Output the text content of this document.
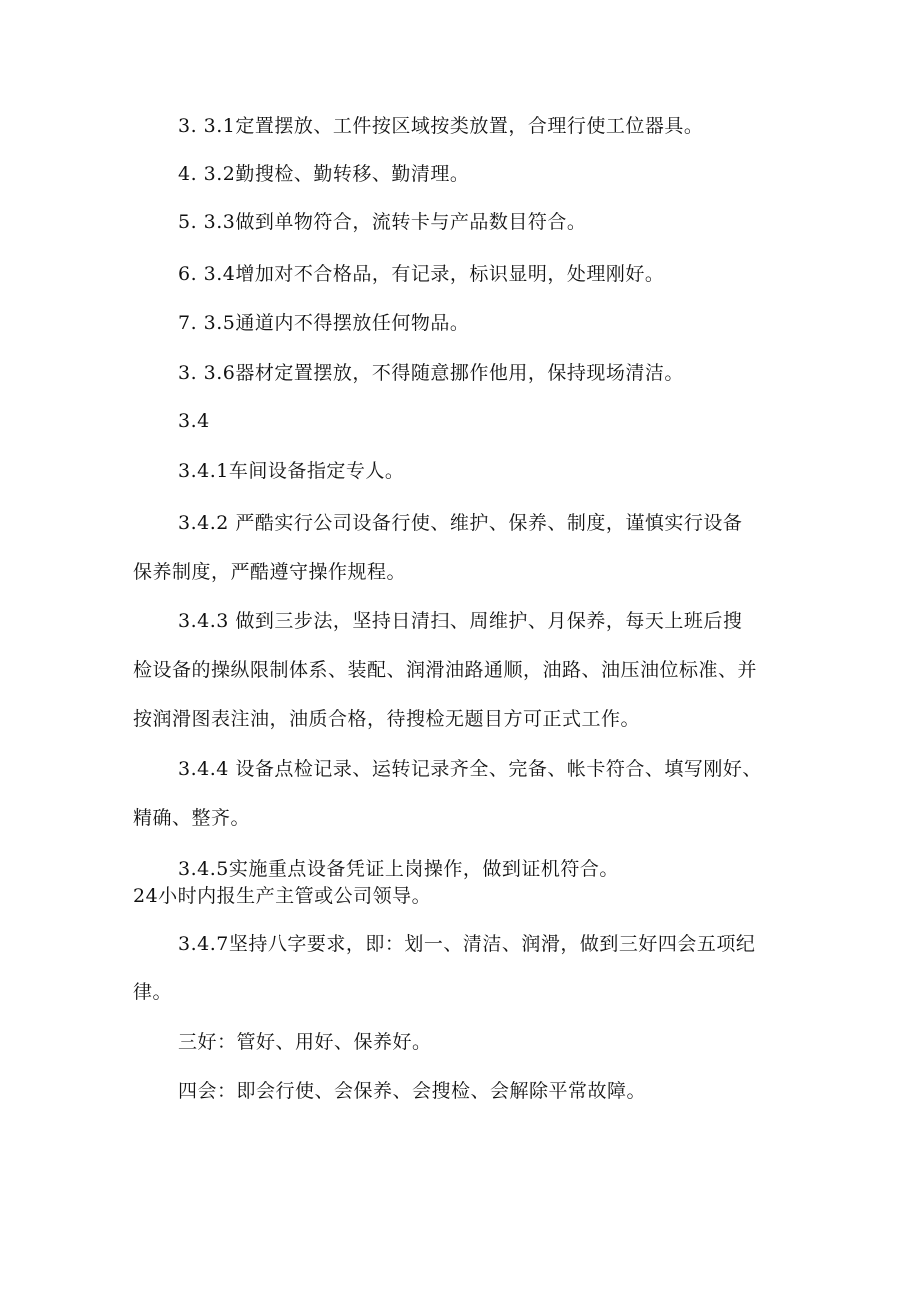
3. 3.1定置摆放、工件按区域按类放置，合理行使工位器具。
4. 3.2勤搜检、勤转移、勤清理。
5. 3.3做到单物符合，流转卡与产品数目符合。
6. 3.4增加对不合格品，有记录，标识显明，处理刚好。
7. 3.5通道内不得摆放任何物品。
3. 3.6器材定置摆放，不得随意挪作他用，保持现场清洁。
3.4
3.4.1车间设备指定专人。
3.4.2 严酷实行公司设备行使、维护、保养、制度，谨慎实行设备
保养制度，严酷遵守操作规程。
3.4.3 做到三步法，坚持日清扫、周维护、月保养，每天上班后搜
检设备的操纵限制体系、装配、润滑油路通顺，油路、油压油位标准、并
按润滑图表注油，油质合格，待搜检无题目方可正式工作。
3.4.4 设备点检记录、运转记录齐全、完备、帐卡符合、填写刚好、
精确、整齐。
3.4.5实施重点设备凭证上岗操作，做到证机符合。
24小时内报生产主管或公司领导。
3.4.7坚持八字要求，即：划一、清洁、润滑，做到三好四会五项纪
律。
三好：管好、用好、保养好。
四会：即会行使、会保养、会搜检、会解除平常故障。
